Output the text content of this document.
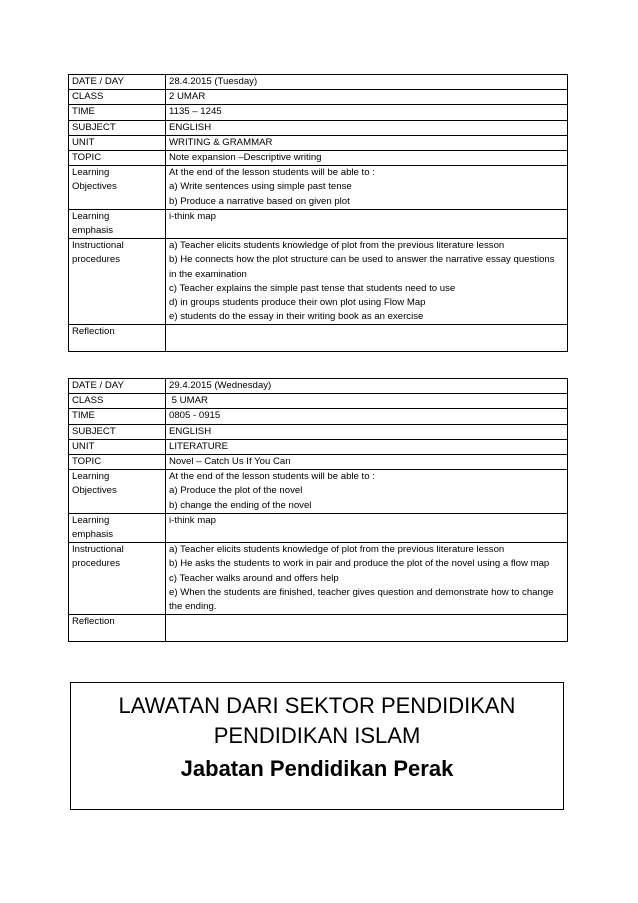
DATE / DAY	28.4.2015 (Tuesday)
CLASS	2 UMAR
TIME	1135 – 1245
SUBJECT	ENGLISH
UNIT	WRITING & GRAMMAR
TOPIC	Note expansion –Descriptive writing

Learning
Objectives	At the end of the lesson students will be able to :
a) Write sentences using simple past tense
b) Produce a narrative based on given plot

Learning
emphasis	i-think map

Instructional
procedures	a) Teacher elicits students knowledge of plot from the previous literature lesson
b) He connects how the plot structure can be used to answer the narrative essay questions in the examination
c) Teacher explains the simple past tense that students need to use
d) in groups students produce their own plot using Flow Map
e) students do the essay in their writing book as an exercise

Reflection	
DATE / DAY	29.4.2015 (Wednesday)
CLASS	5 UMAR
TIME	0805 - 0915
SUBJECT	ENGLISH
UNIT	LITERATURE
TOPIC	Novel – Catch Us If You Can

Learning
Objectives	At the end of the lesson students will be able to :
a) Produce the plot of the novel
b) change the ending of the novel

Learning
emphasis	i-think map

Instructional
procedures	a) Teacher elicits students knowledge of plot from the previous literature lesson
b) He asks the students to work in pair and produce the plot of the novel using a flow map
c) Teacher walks around and offers help
e) When the students are finished, teacher gives question and demonstrate how to change the ending.

Reflection	
LAWATAN DARI SEKTOR PENDIDIKAN
PENDIDIKAN ISLAM
Jabatan Pendidikan Perak
